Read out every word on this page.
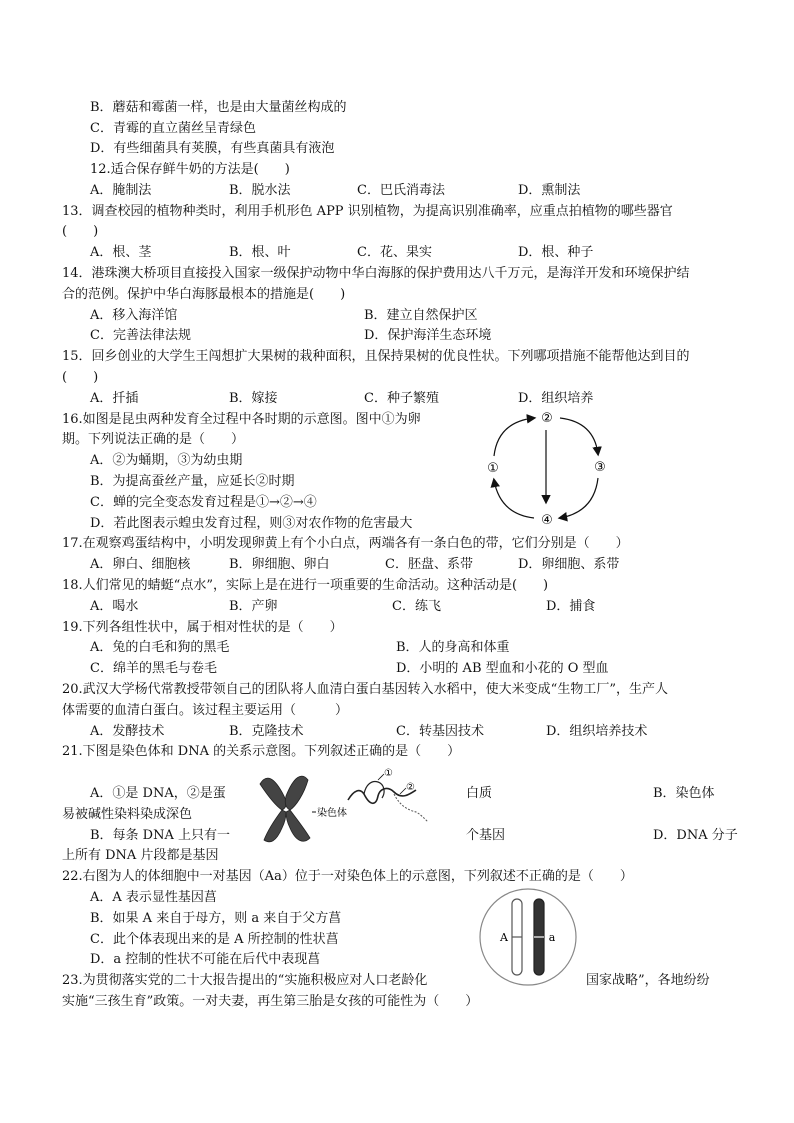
B．蘑菇和霉菌一样，也是由大量菌丝构成的
C．青霉的直立菌丝呈青绿色
D．有些细菌具有荚膜，有些真菌具有液泡
12.适合保存鲜牛奶的方法是(　　)
A．腌制法	B．脱水法	C．巴氏消毒法	D．熏制法
13．调查校园的植物种类时，利用手机形色 APP 识别植物，为提高识别准确率，应重点拍植物的哪些器官
(　　)
A．根、茎	B．根、叶	C．花、果实	D．根、种子
14．港珠澳大桥项目直接投入国家一级保护动物中华白海豚的保护费用达八千万元，是海洋开发和环境保护结
合的范例。保护中华白海豚最根本的措施是(　　)
A．移入海洋馆	B．建立自然保护区
C．完善法律法规	D．保护海洋生态环境
15．回乡创业的大学生王闯想扩大果树的栽种面积，且保持果树的优良性状。下列哪项措施不能帮他达到目的
(　　)
A．扦插	B．嫁接	C．种子繁殖	D．组织培养
16.如图是昆虫两种发育全过程中各时期的示意图。图中①为卵
期。下列说法正确的是（　　）
A．②为蛹期，③为幼虫期
B．为提高蚕丝产量，应延长②时期
C．蝉的完全变态发育过程是①→②→④
D．若此图表示蝗虫发育过程，则③对农作物的危害最大
②
③
④
①
17.在观察鸡蛋结构中，小明发现卵黄上有个小白点，两端各有一条白色的带，它们分别是（　　）
A．卵白、细胞核	B．卵细胞、卵白	C．胚盘、系带	D．卵细胞、系带
18.人们常见的蜻蜓“点水”，实际上是在进行一项重要的生命活动。这种活动是(　　)
A．喝水	B．产卵	C．练飞	D．捕食
19.下列各组性状中，属于相对性状的是（　　）
A．兔的白毛和狗的黑毛	B．人的身高和体重
C．绵羊的黑毛与卷毛	D．小明的 AB 型血和小花的 O 型血
20.武汉大学杨代常教授带领自己的团队将人血清白蛋白基因转入水稻中，使大米变成“生物工厂”，生产人
体需要的血清白蛋白。该过程主要运用（　　　）
A．发酵技术	B．克隆技术	C．转基因技术	D．组织培养技术
21.下图是染色体和 DNA 的关系示意图。下列叙述正确的是（　　）
A．①是 DNA，②是蛋	白质	B．染色体
易被碱性染料染成深色
B．每条 DNA 上只有一	个基因	D．DNA 分子
上所有 DNA 片段都是基因
染色体
①
②
22.右图为人的体细胞中一对基因（Aa）位于一对染色体上的示意图，下列叙述不正确的是（　　）
A．A 表示显性基因菖
B．如果 A 来自于母方，则 a 来自于父方菖
C．此个体表现出来的是 A 所控制的性状菖
D．a 控制的性状不可能在后代中表现菖
A	a
23.为贯彻落实党的二十大报告提出的“实施积极应对人口老龄化	国家战略”，各地纷纷
实施“三孩生育”政策。一对夫妻，再生第三胎是女孩的可能性为（　　）
